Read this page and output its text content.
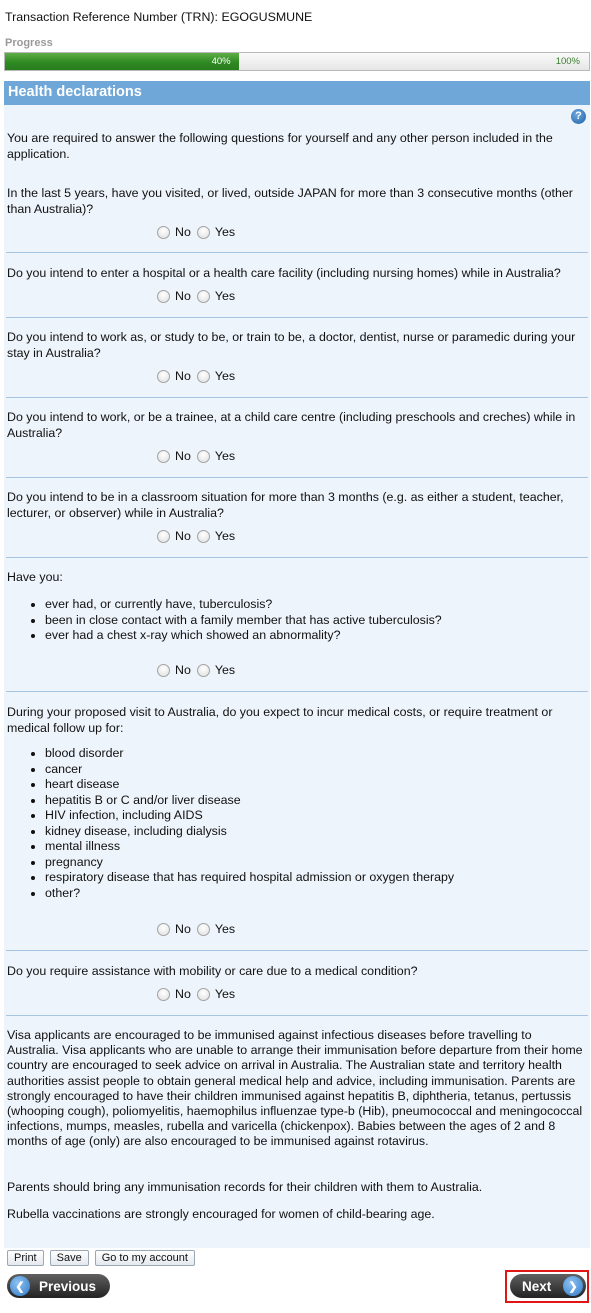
Transaction Reference Number (TRN): EGOGUSMUNE
Progress
40%	100%
Health declarations
?
You are required to answer the following questions for yourself and any other person included in the application.
In the last 5 years, have you visited, or lived, outside JAPAN for more than 3 consecutive months (other than Australia)?
No Yes
Do you intend to enter a hospital or a health care facility (including nursing homes) while in Australia?
No Yes
Do you intend to work as, or study to be, or train to be, a doctor, dentist, nurse or paramedic during your stay in Australia?
No Yes
Do you intend to work, or be a trainee, at a child care centre (including preschools and creches) while in Australia?
No Yes
Do you intend to be in a classroom situation for more than 3 months (e.g. as either a student, teacher, lecturer, or observer) while in Australia?
No Yes
Have you:
• ever had, or currently have, tuberculosis?
• been in close contact with a family member that has active tuberculosis?
• ever had a chest x-ray which showed an abnormality?
No Yes
During your proposed visit to Australia, do you expect to incur medical costs, or require treatment or medical follow up for:
• blood disorder
• cancer
• heart disease
• hepatitis B or C and/or liver disease
• HIV infection, including AIDS
• kidney disease, including dialysis
• mental illness
• pregnancy
• respiratory disease that has required hospital admission or oxygen therapy
• other?
No Yes
Do you require assistance with mobility or care due to a medical condition?
No Yes
Visa applicants are encouraged to be immunised against infectious diseases before travelling to Australia. Visa applicants who are unable to arrange their immunisation before departure from their home country are encouraged to seek advice on arrival in Australia. The Australian state and territory health authorities assist people to obtain general medical help and advice, including immunisation. Parents are strongly encouraged to have their children immunised against hepatitis B, diphtheria, tetanus, pertussis (whooping cough), poliomyelitis, haemophilus influenzae type-b (Hib), pneumococcal and meningococcal infections, mumps, measles, rubella and varicella (chickenpox). Babies between the ages of 2 and 8 months of age (only) are also encouraged to be immunised against rotavirus.
Parents should bring any immunisation records for their children with them to Australia.
Rubella vaccinations are strongly encouraged for women of child-bearing age.
Print	Save	Go to my account
❮	Previous	Next	❯
